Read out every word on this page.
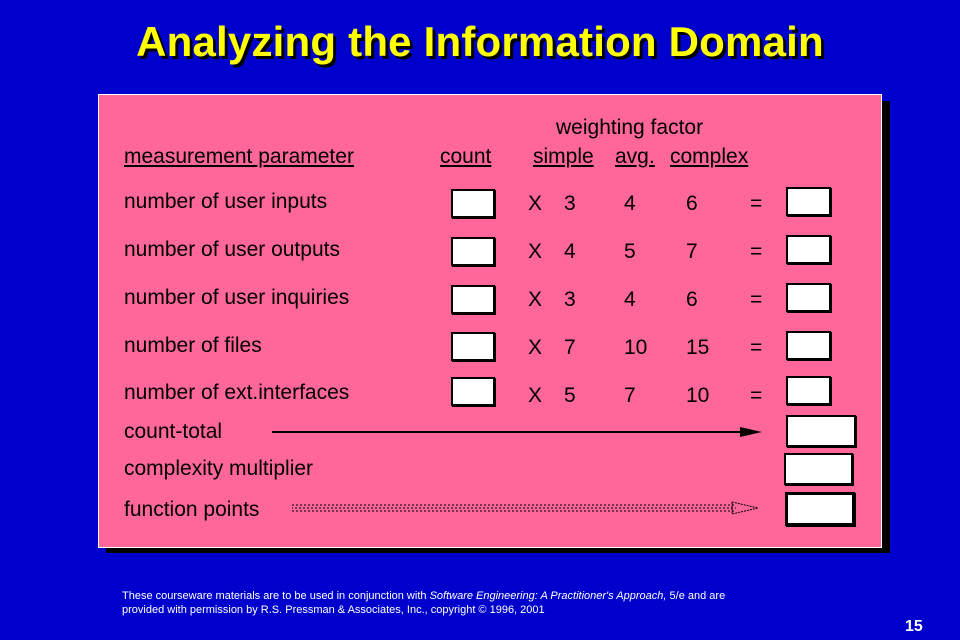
Analyzing the Information Domain
weighting factor
measurement parameter	count simple avg. complex
number of user inputs	X 3 4 6 =
number of user outputs	X 4 5 7 =
number of user inquiries	X 3 4 6 =
number of files	X 7 10 15 =
number of ext.interfaces	X 5 7 10 =
count-total
complexity multiplier
function points
These courseware materials are to be used in conjunction with Software Engineering: A Practitioner's Approach, 5/e and are
provided with permission by R.S. Pressman & Associates, Inc., copyright © 1996, 2001
15
